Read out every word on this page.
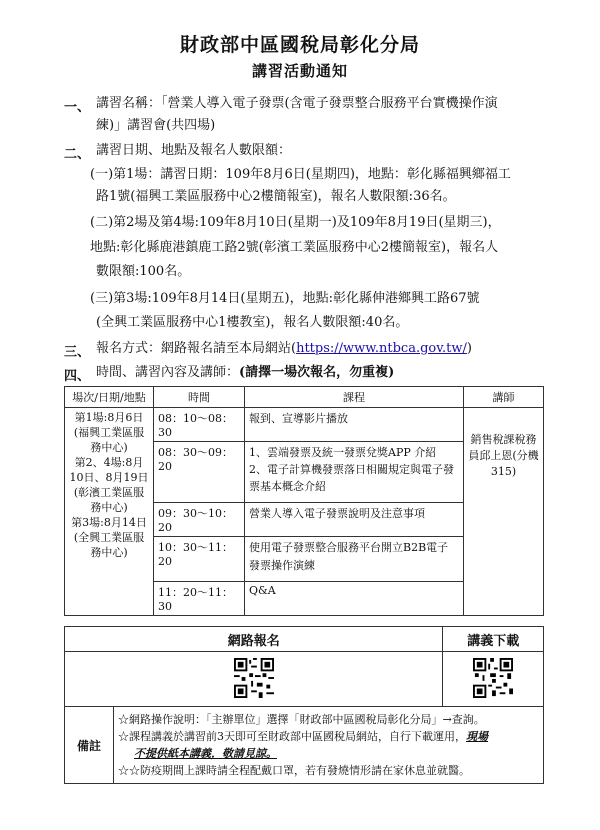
財政部中區國稅局彰化分局
講習活動通知
一、 講習名稱：「營業人導入電子發票(含電子發票整合服務平台實機操作演
練)」講習會(共四場)
二、 講習日期、地點及報名人數限額：
(一)第1場：講習日期：109年8月6日(星期四)，地點：彰化縣福興鄉福工
路1號(福興工業區服務中心2樓簡報室)，報名人數限額:36名。
(二)第2場及第4場:109年8月10日(星期一)及109年8月19日(星期三)，
地點:彰化縣鹿港鎮鹿工路2號(彰濱工業區服務中心2樓簡報室)，報名人
數限額:100名。
(三)第3場:109年8月14日(星期五)，地點:彰化縣伸港鄉興工路67號
(全興工業區服務中心1樓教室)，報名人數限額:40名。
三、 報名方式：網路報名請至本局網站(https://www.ntbca.gov.tw/)
四、 時間、講習內容及講師：(請擇一場次報名，勿重複)
場次/日期/地點	時間	課程	講師
第1場:8月6日(福興工業區服務中心)
第2、4場:8月10日、8月19日(彰濱工業區服務中心)
第3場:8月14日(全興工業區服務中心)	08：10～08：30	報到、宣導影片播放	銷售稅課稅務員邱上恩(分機315)
	08：30～09：20	1、雲端發票及統一發票兌獎APP 介紹
2、電子計算機發票落日相關規定與電子發票基本概念介紹	
	09：30～10：20	營業人導入電子發票說明及注意事項	
	10：30～11：20	使用電子發票整合服務平台開立B2B電子發票操作演練	
	11：20～11：30	Q&A	
網路報名		講義下載

備註	☆網路操作說明：「主辦單位」選擇「財政部中區國稅局彰化分局」→查詢。
☆課程講義於講習前3天即可至財政部中區國稅局網站，自行下載運用，現場
不提供紙本講義，敬請見諒。
☆☆防疫期間上課時請全程配戴口罩，若有發燒情形請在家休息並就醫。	
